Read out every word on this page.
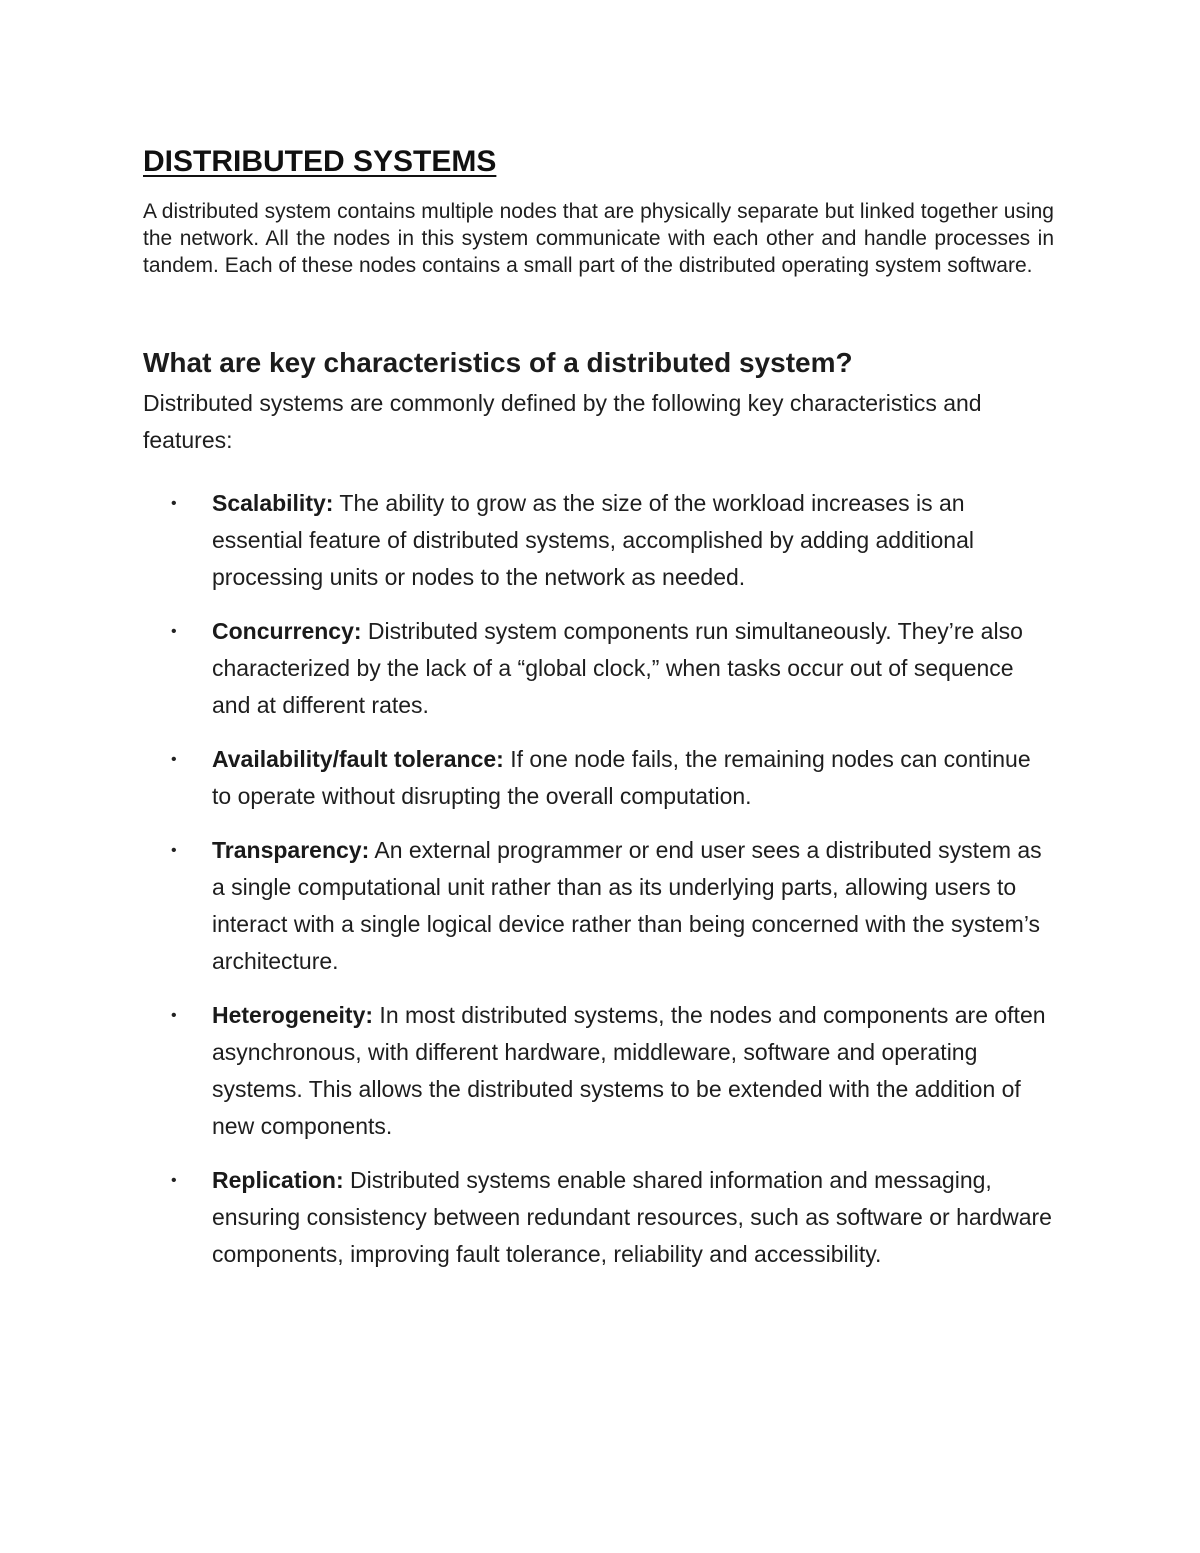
DISTRIBUTED SYSTEMS

A distributed system contains multiple nodes that are physically separate but linked together using the network. All the nodes in this system communicate with each other and handle processes in tandem. Each of these nodes contains a small part of the distributed operating system software.

What are key characteristics of a distributed system?

Distributed systems are commonly defined by the following key characteristics and features:

• Scalability: The ability to grow as the size of the workload increases is an essential feature of distributed systems, accomplished by adding additional processing units or nodes to the network as needed.
• Concurrency: Distributed system components run simultaneously. They’re also characterized by the lack of a “global clock,” when tasks occur out of sequence and at different rates.
• Availability/fault tolerance: If one node fails, the remaining nodes can continue to operate without disrupting the overall computation.
• Transparency: An external programmer or end user sees a distributed system as a single computational unit rather than as its underlying parts, allowing users to interact with a single logical device rather than being concerned with the system’s architecture.
• Heterogeneity: In most distributed systems, the nodes and components are often asynchronous, with different hardware, middleware, software and operating systems. This allows the distributed systems to be extended with the addition of new components.
• Replication: Distributed systems enable shared information and messaging, ensuring consistency between redundant resources, such as software or hardware components, improving fault tolerance, reliability and accessibility.
